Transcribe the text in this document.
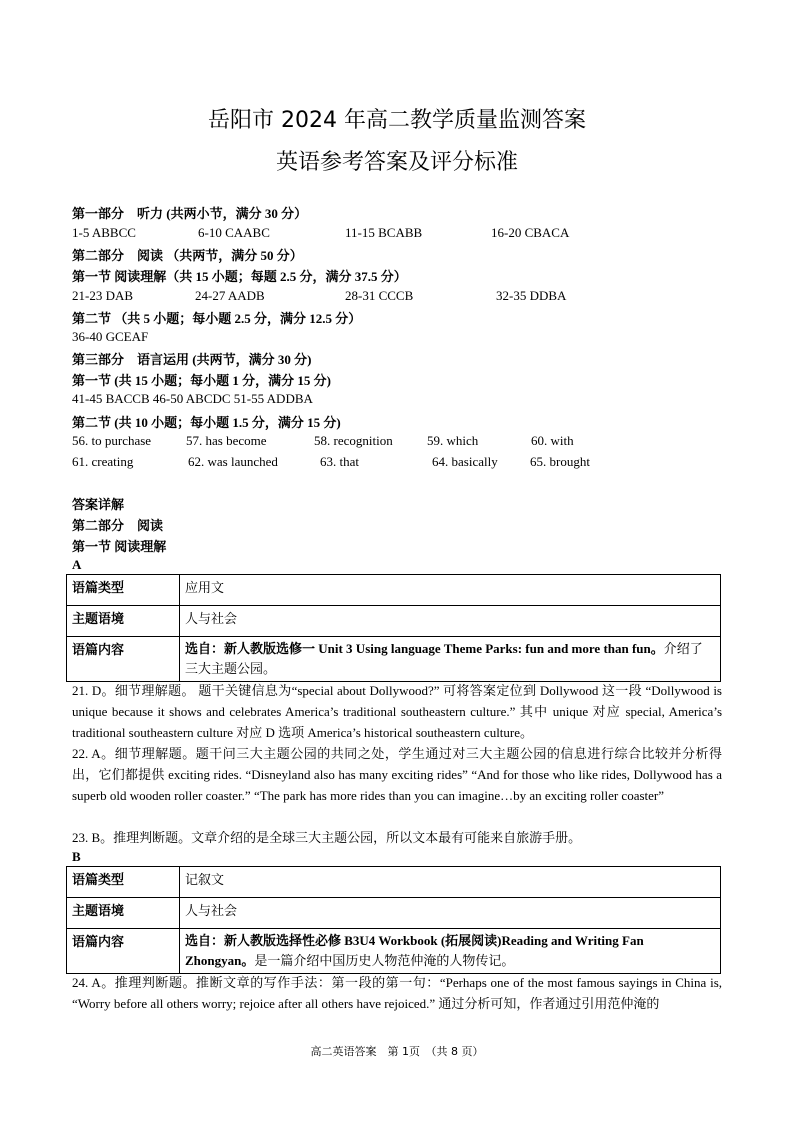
岳阳市 2024 年高二教学质量监测答案
英语参考答案及评分标准
第一部分　听力 (共两小节，满分 30 分）
1-5 ABBCC	6-10 CAABC	11-15 BCABB	16-20 CBACA
第二部分　阅读 （共两节，满分 50 分）
第一节 阅读理解（共 15 小题；每题 2.5 分，满分 37.5 分）
21-23 DAB	24-27 AADB	28-31 CCCB	32-35 DDBA
第二节 （共 5 小题；每小题 2.5 分，满分 12.5 分）
36-40 GCEAF
第三部分　语言运用 (共两节，满分 30 分)
第一节 (共 15 小题；每小题 1 分，满分 15 分)
41-45 BACCB 46-50 ABCDC 51-55 ADDBA
第二节 (共 10 小题；每小题 1.5 分，满分 15 分)
56. to purchase	57. has become	58. recognition	59. which	60. with
61. creating	62. was launched	63. that	64. basically 65. brought
答案详解
第二部分　阅读
第一节 阅读理解
A
语篇类型	应用文
主题语境	人与社会
语篇内容	选自：新人教版选修一 Unit 3 Using language Theme Parks: fun and more than fun。介绍了三大主题公园。
21. D。细节理解题。 题干关键信息为“special about Dollywood?” 可将答案定位到 Dollywood 这一段 “Dollywood is unique because it shows and celebrates America’s traditional southeastern culture.” 其中 unique 对应 special, America’s traditional southeastern culture 对应 D 选项 America’s historical southeastern culture。
22. A。细节理解题。题干问三大主题公园的共同之处，学生通过对三大主题公园的信息进行综合比较并分析得出，它们都提供 exciting rides. “Disneyland also has many exciting rides” “And for those who like rides, Dollywood has a superb old wooden roller coaster.” “The park has more rides than you can imagine…by an exciting roller coaster”
23. B。推理判断题。文章介绍的是全球三大主题公园，所以文本最有可能来自旅游手册。
B
语篇类型	记叙文
主题语境	人与社会
语篇内容	选自：新人教版选择性必修 B3U4 Workbook (拓展阅读)Reading and Writing Fan Zhongyan。是一篇介绍中国历史人物范仲淹的人物传记。
24. A。推理判断题。推断文章的写作手法：第一段的第一句：“Perhaps one of the most famous sayings in China is, “Worry before all others worry; rejoice after all others have rejoiced.” 通过分析可知，作者通过引用范仲淹的
高二英语答案　第 1页　（共 8 页）
